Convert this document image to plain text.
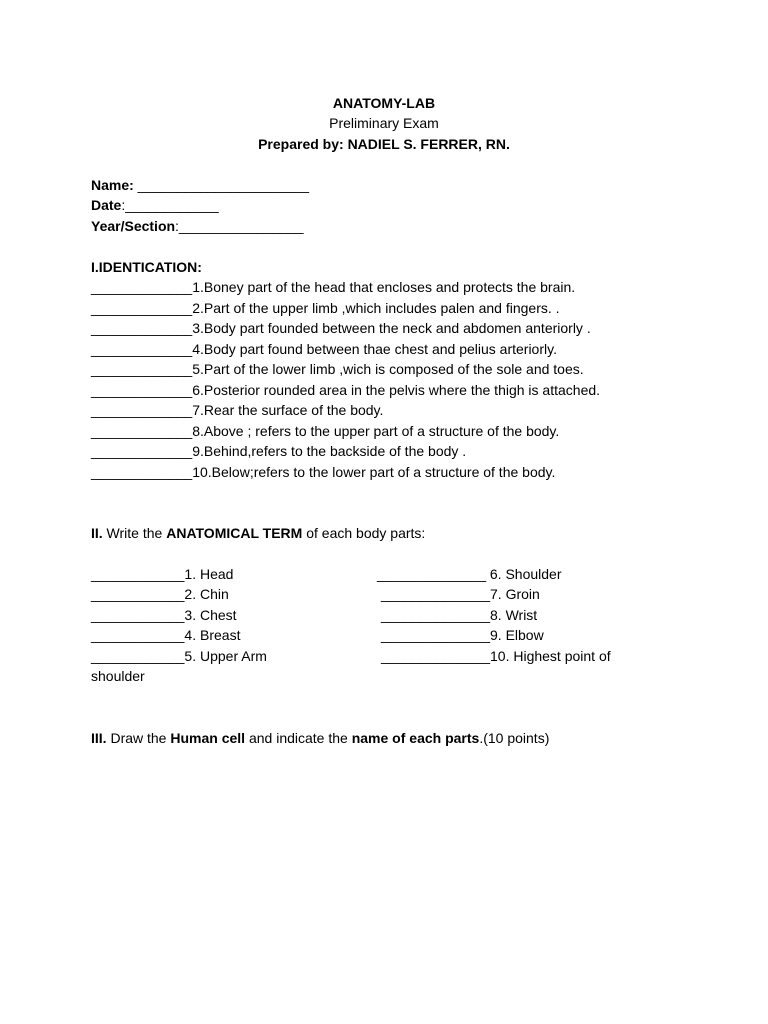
ANATOMY-LAB
Preliminary Exam
Prepared by: NADIEL S. FERRER, RN.
Name: ______________________
Date:____________
Year/Section:________________
I.IDENTICATION:
_____________1.Boney part of the head that encloses and protects the brain.
_____________2.Part of the upper limb ,which includes palen and fingers. .
_____________3.Body part founded between the neck and abdomen anteriorly .
_____________4.Body part found between thae chest and pelius arteriorly.
_____________5.Part of the lower limb ,wich is composed of the sole and toes.
_____________6.Posterior rounded area in the pelvis where the thigh is attached.
_____________7.Rear the surface of the body.
_____________8.Above ; refers to the upper part of a structure of the body.
_____________9.Behind,refers to the backside of the body .
_____________10.Below;refers to the lower part of a structure of the body.
II. Write the ANATOMICAL TERM of each body parts:
____________1. Head
____________2. Chin
____________3. Chest
____________4. Breast
____________5. Upper Arm
______________ 6. Shoulder
______________7. Groin
______________8. Wrist
______________9. Elbow
______________10. Highest point of
shoulder
III. Draw the Human cell and indicate the name of each parts.(10 points)
